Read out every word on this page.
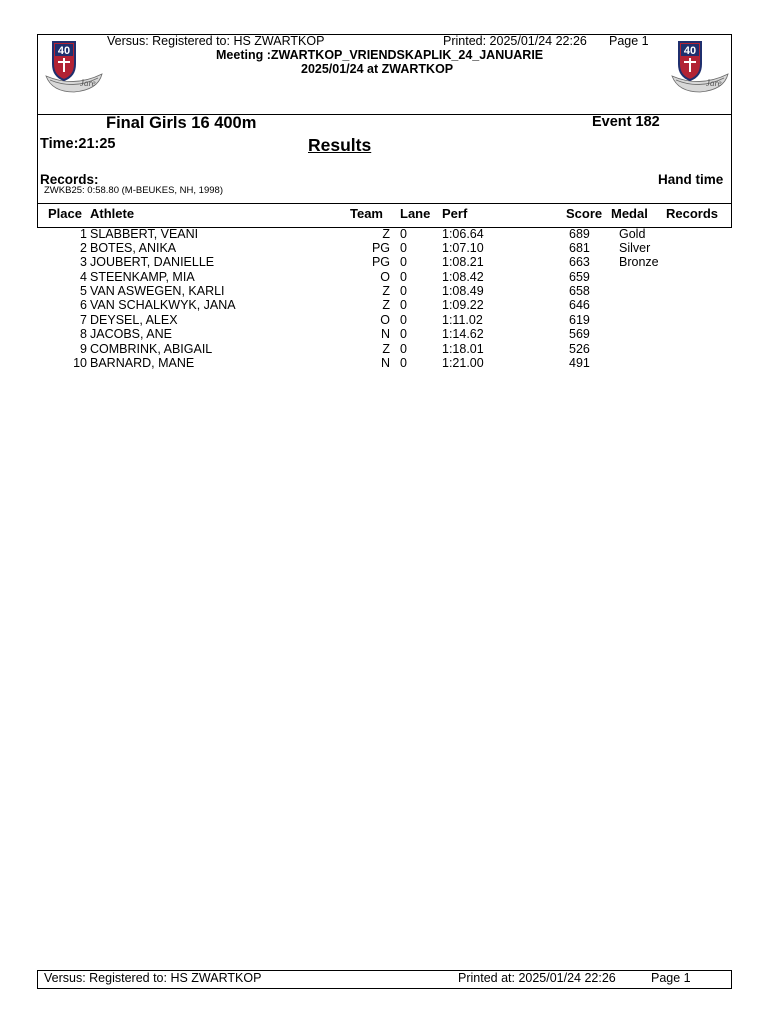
Versus: Registered to: HS ZWARTKOP	Printed: 2025/01/24 22:26 Page 1
Meeting :ZWARTKOP_VRIENDSKAPLIK_24_JANUARIE
2025/01/24 at ZWARTKOP
40
Jare
40
Jare
Final Girls 16 400m	Event 182
Time:21:25	Results
Records:	Hand time
ZWKB25: 0:58.80 (M-BEUKES, NH, 1998)
Place Athlete	Team Lane Perf	Score Medal Records
1 SLABBERT, VEANI	Z 0	1:06.64	689 Gold
2 BOTES, ANIKA	PG 0	1:07.10	681 Silver
3 JOUBERT, DANIELLE	PG 0	1:08.21	663 Bronze
4 STEENKAMP, MIA	O 0	1:08.42	659
5 VAN ASWEGEN, KARLI	Z 0	1:08.49	658
6 VAN SCHALKWYK, JANA	Z 0	1:09.22	646
7 DEYSEL, ALEX	O 0	1:11.02	619
8 JACOBS, ANE	N 0	1:14.62	569
9 COMBRINK, ABIGAIL	Z 0	1:18.01	526
10 BARNARD, MANE	N 0	1:21.00	491
Versus: Registered to: HS ZWARTKOP	Printed at: 2025/01/24 22:26	Page 1
